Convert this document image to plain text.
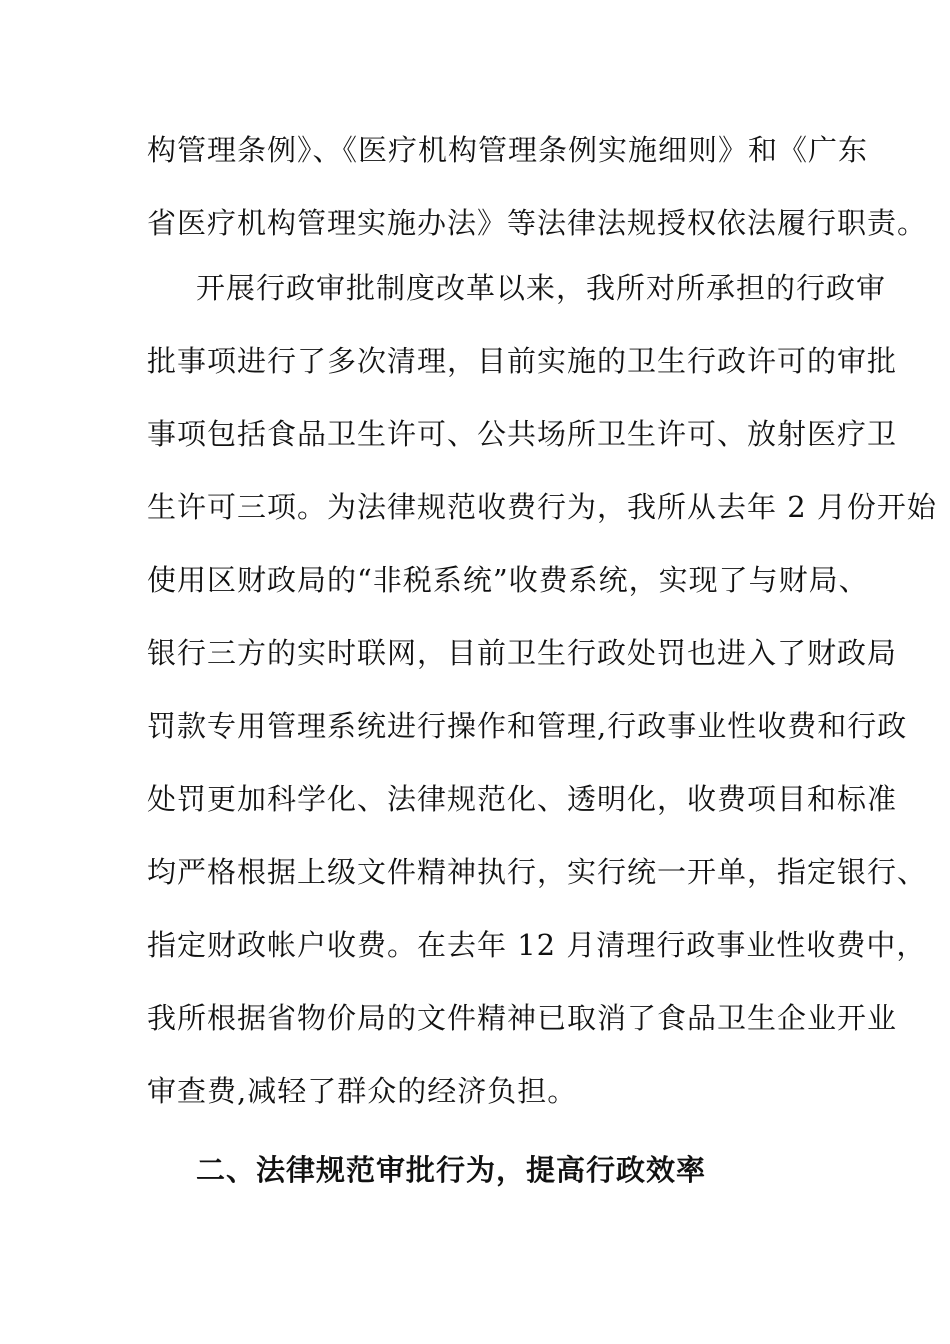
构管理条例》、《医疗机构管理条例实施细则》和《广东
省医疗机构管理实施办法》等法律法规授权依法履行职责。
开展行政审批制度改革以来，我所对所承担的行政审
批事项进行了多次清理，目前实施的卫生行政许可的审批
事项包括食品卫生许可、公共场所卫生许可、放射医疗卫
生许可三项。为法律规范收费行为，我所从去年 2 月份开始
使用区财政局的“非税系统”收费系统，实现了与财局、
银行三方的实时联网，目前卫生行政处罚也进入了财政局
罚款专用管理系统进行操作和管理,行政事业性收费和行政
处罚更加科学化、法律规范化、透明化，收费项目和标准
均严格根据上级文件精神执行，实行统一开单，指定银行、
指定财政帐户收费。在去年 12 月清理行政事业性收费中，
我所根据省物价局的文件精神已取消了食品卫生企业开业
审查费,减轻了群众的经济负担。
二、法律规范审批行为，提高行政效率
